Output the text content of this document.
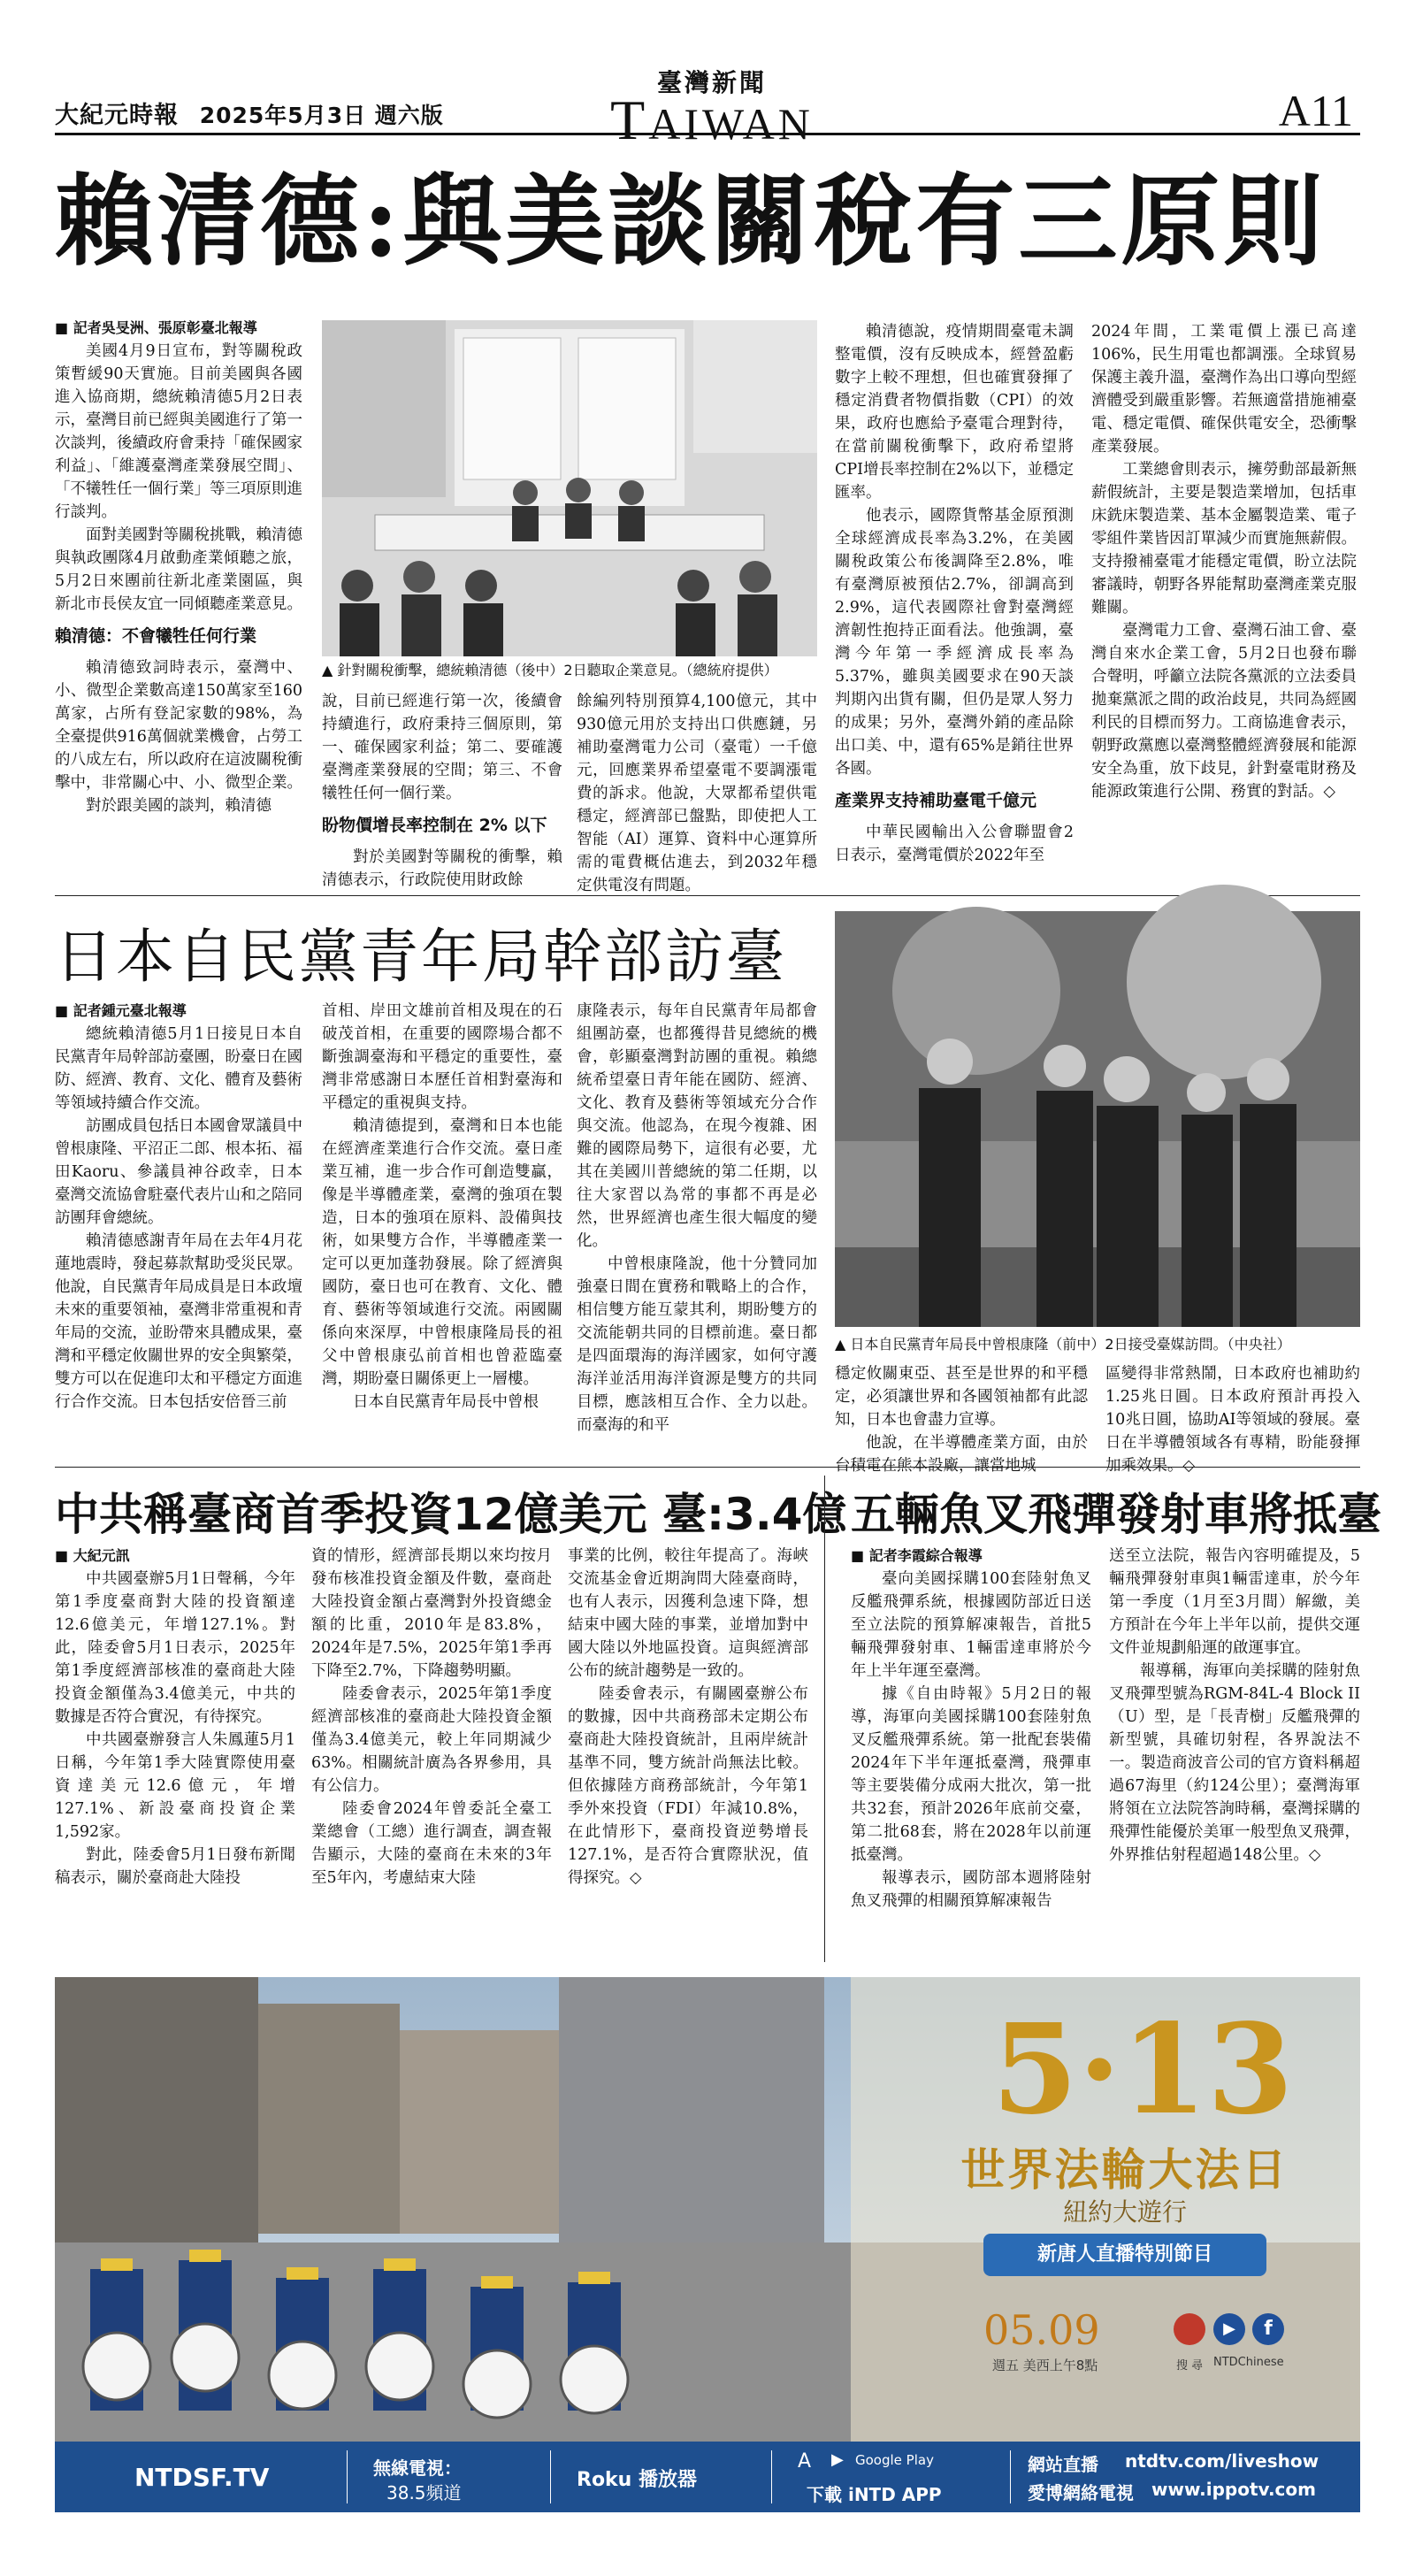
大紀元時報 2025年5月3日 週六版
臺灣新聞
TAIWAN	A11
賴清德:與美談關稅有三原則
■ 記者吳旻洲、張原彰臺北報導

美國4月9日宣布，對等關稅政策暫緩90天實施。目前美國與各國進入協商期，總統賴清德5月2日表示，臺灣目前已經與美國進行了第一次談判，後續政府會秉持「確保國家利益」、「維護臺灣產業發展空間」、「不犧牲任一個行業」等三項原則進行談判。

面對美國對等關稅挑戰，賴清德與執政團隊4月啟動產業傾聽之旅，5月2日來團前往新北產業園區，與新北市長侯友宜一同傾聽產業意見。

賴清德：不會犧牲任何行業

賴清德致詞時表示，臺灣中、小、微型企業數高達150萬家至160萬家，占所有登記家數的98%，為全臺提供916萬個就業機會，占勞工的八成左右，所以政府在這波關稅衝擊中，非常關心中、小、微型企業。

對於跟美國的談判，賴清德

▲ 針對關稅衝擊，總統賴清德（後中）2日聽取企業意見。（總統府提供）

說，目前已經進行第一次，後續會持續進行，政府秉持三個原則，第一、確保國家利益；第二、要確護臺灣產業發展的空間；第三、不會犧牲任何一個行業。

盼物價增長率控制在 2% 以下

對於美國對等關稅的衝擊，賴清德表示，行政院使用財政餘

餘編列特別預算4,100億元，其中930億元用於支持出口供應鏈，另補助臺灣電力公司（臺電）一千億元，回應業界希望臺電不要調漲電費的訴求。他說，大眾都希望供電穩定，經濟部已盤點，即使把人工智能（AI）運算、資料中心運算所需的電費概估進去，到2032年穩定供電沒有問題。

賴清德說，疫情期間臺電未調整電價，沒有反映成本，經營盈虧數字上較不理想，但也確實發揮了穩定消費者物價指數（CPI）的效果，政府也應給予臺電合理對待，在當前關稅衝擊下，政府希望將CPI增長率控制在2%以下，並穩定匯率。

他表示，國際貨幣基金原預測全球經濟成長率為3.2%，在美國關稅政策公布後調降至2.8%，唯有臺灣原被預估2.7%，卻調高到2.9%，這代表國際社會對臺灣經濟韌性抱持正面看法。他強調，臺灣今年第一季經濟成長率為5.37%，雖與美國要求在90天談判期內出貨有關，但仍是眾人努力的成果；另外，臺灣外銷的產品除出口美、中，還有65%是銷往世界各國。

產業界支持補助臺電千億元

中華民國輸出入公會聯盟會2日表示，臺灣電價於2022年至

2024年間，工業電價上漲已高達106%，民生用電也都調漲。全球貿易保護主義升溫，臺灣作為出口導向型經濟體受到嚴重影響。若無適當措施補臺電、穩定電價、確保供電安全，恐衝擊產業發展。

工業總會則表示，擁勞動部最新無薪假統計，主要是製造業增加，包括車床銑床製造業、基本金屬製造業、電子零組件業皆因訂單減少而實施無薪假。支持撥補臺電才能穩定電價，盼立法院審議時，朝野各界能幫助臺灣產業克服難關。

臺灣電力工會、臺灣石油工會、臺灣自來水企業工會，5月2日也發布聯合聲明，呼籲立法院各黨派的立法委員拋棄黨派之間的政治歧見，共同為經國利民的目標而努力。工商協進會表示，朝野政黨應以臺灣整體經濟發展和能源安全為重，放下歧見，針對臺電財務及能源政策進行公開、務實的對話。◇

日本自民黨青年局幹部訪臺
■ 記者鍾元臺北報導

總統賴清德5月1日接見日本自民黨青年局幹部訪臺團，盼臺日在國防、經濟、教育、文化、體育及藝術等領域持續合作交流。

訪團成員包括日本國會眾議員中曾根康隆、平沼正二郎、根本拓、福田Kaoru、參議員神谷政幸，日本臺灣交流協會駐臺代表片山和之陪同訪團拜會總統。

賴清德感謝青年局在去年4月花蓮地震時，發起募款幫助受災民眾。他說，自民黨青年局成員是日本政壇未來的重要領袖，臺灣非常重視和青年局的交流，並盼帶來具體成果，臺灣和平穩定攸關世界的安全與繁榮，雙方可以在促進印太和平穩定方面進行合作交流。日本包括安倍晉三前

首相、岸田文雄前首相及現在的石破茂首相，在重要的國際場合都不斷強調臺海和平穩定的重要性，臺灣非常感謝日本歷任首相對臺海和平穩定的重視與支持。

賴清德提到，臺灣和日本也能在經濟產業進行合作交流。臺日產業互補，進一步合作可創造雙贏，像是半導體產業，臺灣的強項在製造，日本的強項在原料、設備與技術，如果雙方合作，半導體產業一定可以更加蓬勃發展。除了經濟與國防，臺日也可在教育、文化、體育、藝術等領域進行交流。兩國關係向來深厚，中曾根康隆局長的祖父中曾根康弘前首相也曾蒞臨臺灣，期盼臺日關係更上一層樓。

日本自民黨青年局長中曾根

康隆表示，每年自民黨青年局都會組團訪臺，也都獲得昔見總統的機會，彰顯臺灣對訪團的重視。賴總統希望臺日青年能在國防、經濟、文化、教育及藝術等領域充分合作與交流。他認為，在現今複雜、困難的國際局勢下，這很有必要，尤其在美國川普總統的第二任期，以往大家習以為常的事都不再是必然，世界經濟也產生很大幅度的變化。

中曾根康隆說，他十分贊同加強臺日間在實務和戰略上的合作，相信雙方能互蒙其利，期盼雙方的交流能朝共同的目標前進。臺日都是四面環海的海洋國家，如何守護海洋並活用海洋資源是雙方的共同目標，應該相互合作、全力以赴。而臺海的和平

▲ 日本自民黨青年局長中曾根康隆（前中）2日接受臺媒訪問。（中央社）

穩定攸關東亞、甚至是世界的和平穩定，必須讓世界和各國領袖都有此認知，日本也會盡力宣導。

他說，在半導體產業方面，由於台積電在熊本設廠，讓當地城

區變得非常熱鬧，日本政府也補助約1.25兆日圓。日本政府預計再投入10兆日圓，協助AI等領域的發展。臺日在半導體領域各有專精，盼能發揮加乘效果。◇

中共稱臺商首季投資12億美元 臺:3.4億
■ 大紀元訊

中共國臺辦5月1日聲稱，今年第1季度臺商對大陸的投資額達12.6億美元，年增127.1%。對此，陸委會5月1日表示，2025年第1季度經濟部核准的臺商赴大陸投資金額僅為3.4億美元，中共的數據是否符合實況，有待探究。

中共國臺辦發言人朱鳳蓮5月1日稱，今年第1季大陸實際使用臺資達美元12.6億元，年增127.1%、新設臺商投資企業1,592家。

對此，陸委會5月1日發布新聞稿表示，關於臺商赴大陸投

資的情形，經濟部長期以來均按月發布核准投資金額及件數，臺商赴大陸投資金額占臺灣對外投資總金額的比重，2010年是83.8%，2024年是7.5%，2025年第1季再下降至2.7%，下降趨勢明顯。

陸委會表示，2025年第1季度經濟部核准的臺商赴大陸投資金額僅為3.4億美元，較上年同期減少63%。相關統計廣為各界參用，具有公信力。

陸委會2024年曾委託全臺工業總會（工總）進行調查，調查報告顯示，大陸的臺商在未來的3年至5年內，考慮結束大陸

事業的比例，較往年提高了。海峽交流基金會近期詢問大陸臺商時，也有人表示，因獲利急速下降，想結束中國大陸的事業，並增加對中國大陸以外地區投資。這與經濟部公布的統計趨勢是一致的。

陸委會表示，有關國臺辦公布的數據，因中共商務部未定期公布臺商赴大陸投資統計，且兩岸統計基準不同，雙方統計尚無法比較。但依據陸方商務部統計，今年第1季外來投資（FDI）年減10.8%，在此情形下，臺商投資逆勢增長127.1%，是否符合實際狀況，值得探究。◇

五輛魚叉飛彈發射車將抵臺
■ 記者李霞綜合報導

臺向美國採購100套陸射魚叉反艦飛彈系統，根據國防部近日送至立法院的預算解凍報告，首批5輛飛彈發射車、1輛雷達車將於今年上半年運至臺灣。

據《自由時報》5月2日的報導，海軍向美國採購100套陸射魚叉反艦飛彈系統。第一批配套裝備2024年下半年運抵臺灣，飛彈車等主要裝備分成兩大批次，第一批共32套，預計2026年底前交臺，第二批68套，將在2028年以前運抵臺灣。

報導表示，國防部本週將陸射魚叉飛彈的相關預算解凍報告

送至立法院，報告內容明確提及，5輛飛彈發射車與1輛雷達車，於今年第一季度（1月至3月間）解繳，美方預計在今年上半年以前，提供交運文件並規劃船運的啟運事宜。

報導稱，海軍向美採購的陸射魚叉飛彈型號為RGM-84L-4 Block II（U）型，是「長青樹」反艦飛彈的新型號，具確切射程，各界說法不一。製造商波音公司的官方資料稱超過67海里（約124公里）；臺灣海軍將領在立法院答詢時稱，臺灣採購的飛彈性能優於美軍一般型魚叉飛彈，外界推估射程超過148公里。◇

5·13
世界法輪大法日
紐約大遊行
新唐人直播特別節目
05.09
週五 美西上午8點
▶	f
搜 尋 NTDChinese
NTDSF.TV	無線電視：
38.5頻道
Roku 播放器
A ▶ Google Play
下載 iNTD APP
網站直播 ntdtv.com/liveshow
愛博網絡電視 www.ippotv.com
